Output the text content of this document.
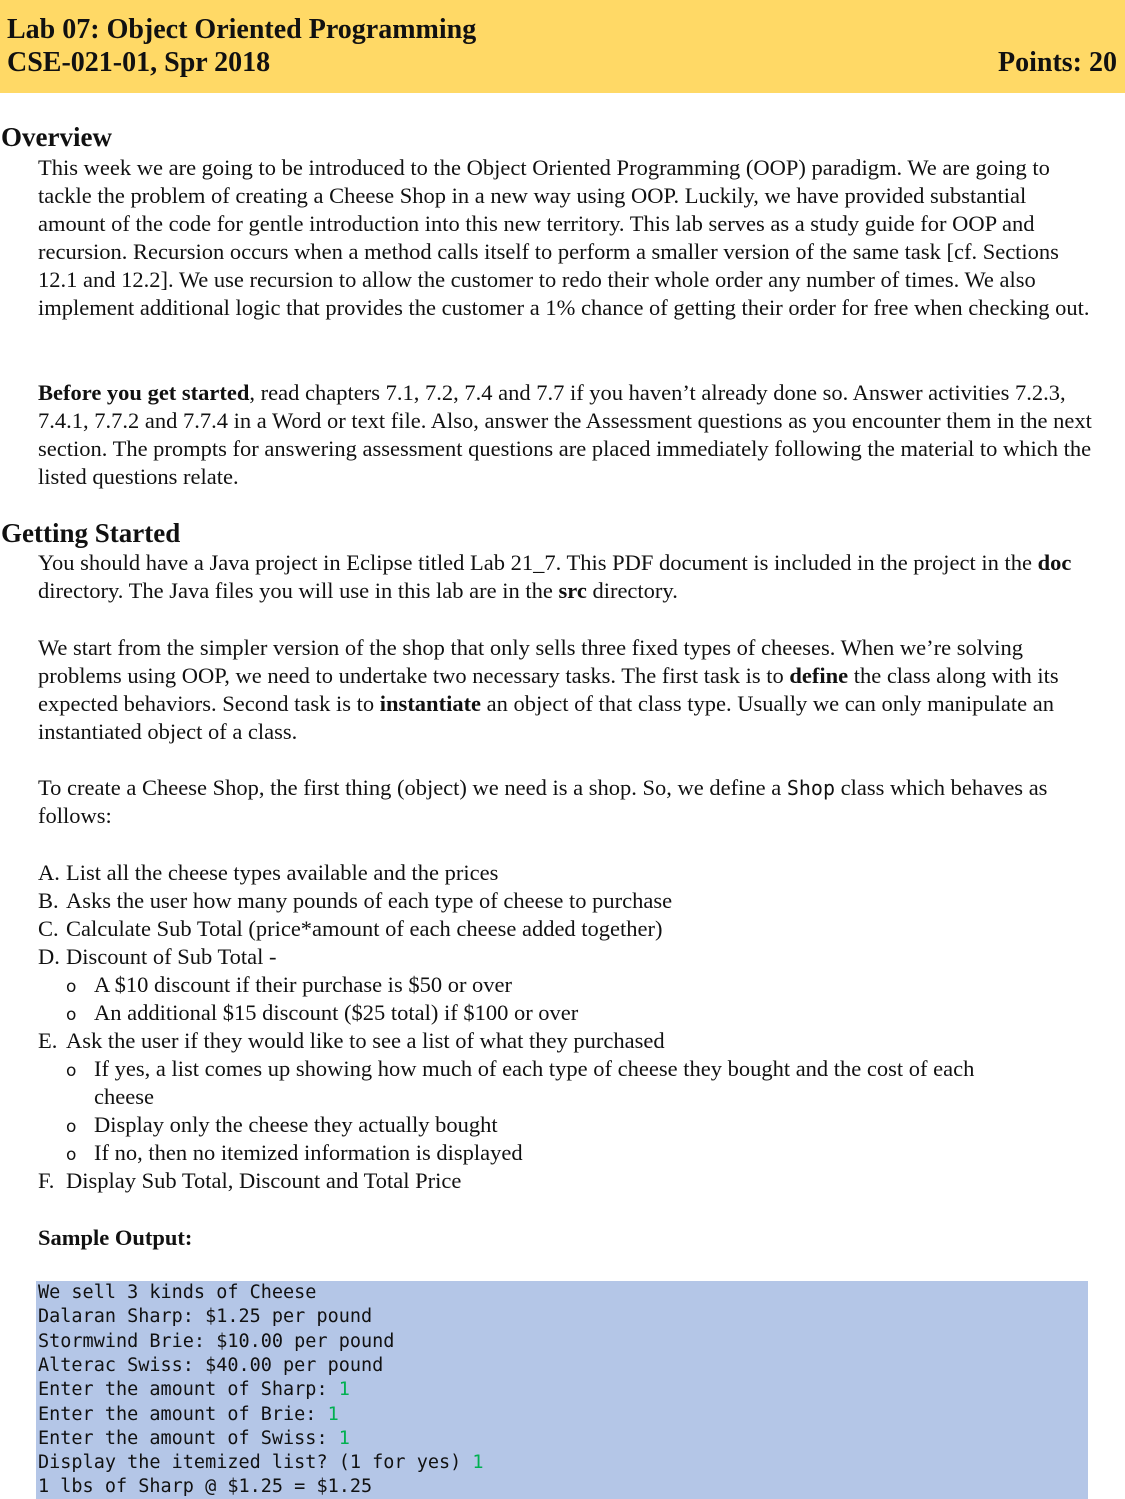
Lab 07: Object Oriented Programming
CSE-021-01, Spr 2018	Points: 20
Overview

This week we are going to be introduced to the Object Oriented Programming (OOP) paradigm. We are going to tackle the problem of creating a Cheese Shop in a new way using OOP. Luckily, we have provided substantial amount of the code for gentle introduction into this new territory. This lab serves as a study guide for OOP and recursion. Recursion occurs when a method calls itself to perform a smaller version of the same task [cf. Sections 12.1 and 12.2]. We use recursion to allow the customer to redo their whole order any number of times. We also implement additional logic that provides the customer a 1% chance of getting their order for free when checking out.

Before you get started, read chapters 7.1, 7.2, 7.4 and 7.7 if you haven’t already done so. Answer activities 7.2.3, 7.4.1, 7.7.2 and 7.7.4 in a Word or text file. Also, answer the Assessment questions as you encounter them in the next section. The prompts for answering assessment questions are placed immediately following the material to which the listed questions relate.

Getting Started

You should have a Java project in Eclipse titled Lab 21_7. This PDF document is included in the project in the doc directory. The Java files you will use in this lab are in the src directory.

We start from the simpler version of the shop that only sells three fixed types of cheeses. When we’re solving problems using OOP, we need to undertake two necessary tasks. The first task is to define the class along with its expected behaviors. Second task is to instantiate an object of that class type. Usually we can only manipulate an instantiated object of a class.

To create a Cheese Shop, the first thing (object) we need is a shop. So, we define a Shop class which behaves as follows:

A. List all the cheese types available and the prices
B. Asks the user how many pounds of each type of cheese to purchase
C. Calculate Sub Total (price*amount of each cheese added together)
D. Discount of Sub Total -
o A $10 discount if their purchase is $50 or over
o An additional $15 discount ($25 total) if $100 or over
E. Ask the user if they would like to see a list of what they purchased
o If yes, a list comes up showing how much of each type of cheese they bought and the cost of each
cheese
o Display only the cheese they actually bought
o If no, then no itemized information is displayed
F. Display Sub Total, Discount and Total Price
Sample Output:
We sell 3 kinds of Cheese
Dalaran Sharp: $1.25 per pound
Stormwind Brie: $10.00 per pound
Alterac Swiss: $40.00 per pound
Enter the amount of Sharp: 1
Enter the amount of Brie: 1
Enter the amount of Swiss: 1
Display the itemized list? (1 for yes) 1
1 lbs of Sharp @ $1.25 = $1.25
